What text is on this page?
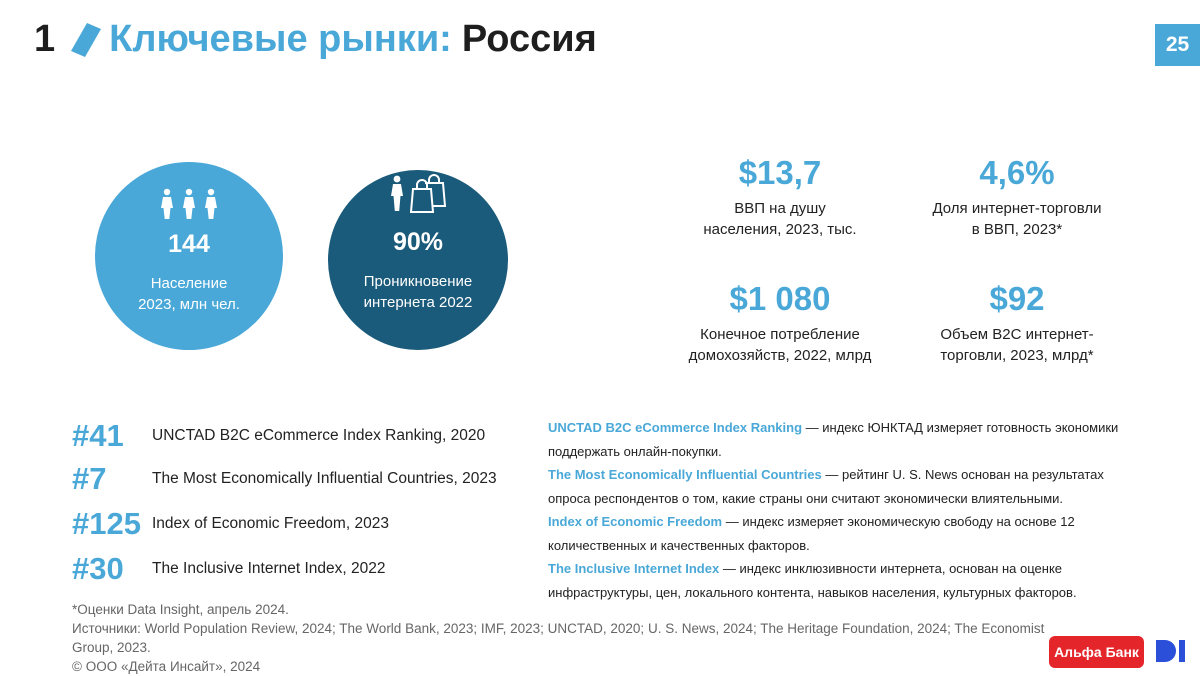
1 Ключевые рынки: Россия	25
144
Население
2023, млн чел.
90%
Проникновение
интернета 2022
$13,7
ВВП на душу
населения, 2023, тыс.
4,6%
Доля интернет-торговли
в ВВП, 2023*
$1 080
Конечное потребление
домохозяйств, 2022, млрд
$92
Объем B2C интернет-
торговли, 2023, млрд*
#41	UNCTAD B2C eCommerce Index Ranking, 2020
#7	The Most Economically Influential Countries, 2023
#125 Index of Economic Freedom, 2023
#30	The Inclusive Internet Index, 2022
UNCTAD B2C eCommerce Index Ranking — индекс ЮНКТАД измеряет готовность экономики поддержать онлайн-покупки.
The Most Economically Influential Countries — рейтинг U. S. News основан на результатах опроса респондентов о том, какие страны они считают экономически влиятельными.
Index of Economic Freedom — индекс измеряет экономическую свободу на основе 12 количественных и качественных факторов.
The Inclusive Internet Index — индекс инклюзивности интернета, основан на оценке инфраструктуры, цен, локального контента, навыков населения, культурных факторов.
*Оценки Data Insight, апрель 2024.
Источники: World Population Review, 2024; The World Bank, 2023; IMF, 2023; UNCTAD, 2020; U. S. News, 2024; The Heritage Foundation, 2024; The Economist Group, 2023.
© ООО «Дейта Инсайт», 2024
Альфа Банк
